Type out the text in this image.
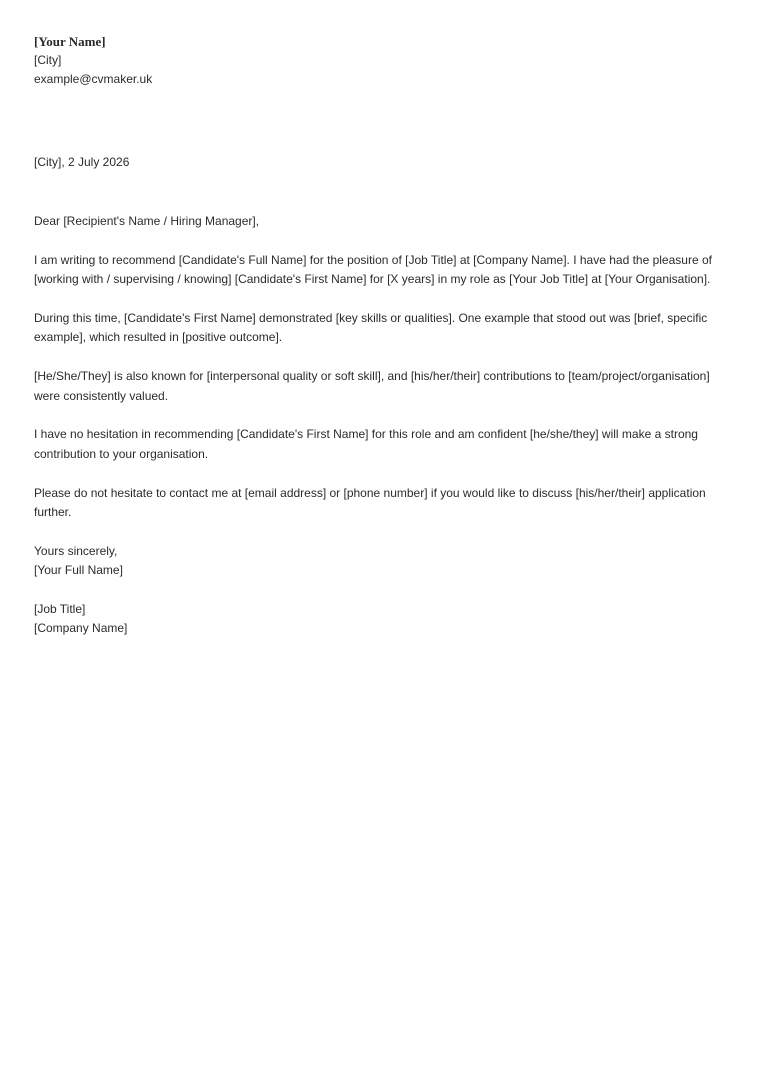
[Your Name]
[City]
example@cvmaker.uk
[City], 2 July 2026

Dear [Recipient's Name / Hiring Manager],

I am writing to recommend [Candidate's Full Name] for the position of [Job Title] at [Company Name]. I have had the pleasure of [working with / supervising / knowing] [Candidate's First Name] for [X years] in my role as [Your Job Title] at [Your Organisation].

During this time, [Candidate's First Name] demonstrated [key skills or qualities]. One example that stood out was [brief, specific example], which resulted in [positive outcome].

[He/She/They] is also known for [interpersonal quality or soft skill], and [his/her/their] contributions to [team/project/organisation] were consistently valued.

I have no hesitation in recommending [Candidate's First Name] for this role and am confident [he/she/they] will make a strong contribution to your organisation.

Please do not hesitate to contact me at [email address] or [phone number] if you would like to discuss [his/her/their] application further.

Yours sincerely,
[Your Full Name]
[Job Title]
[Company Name]
